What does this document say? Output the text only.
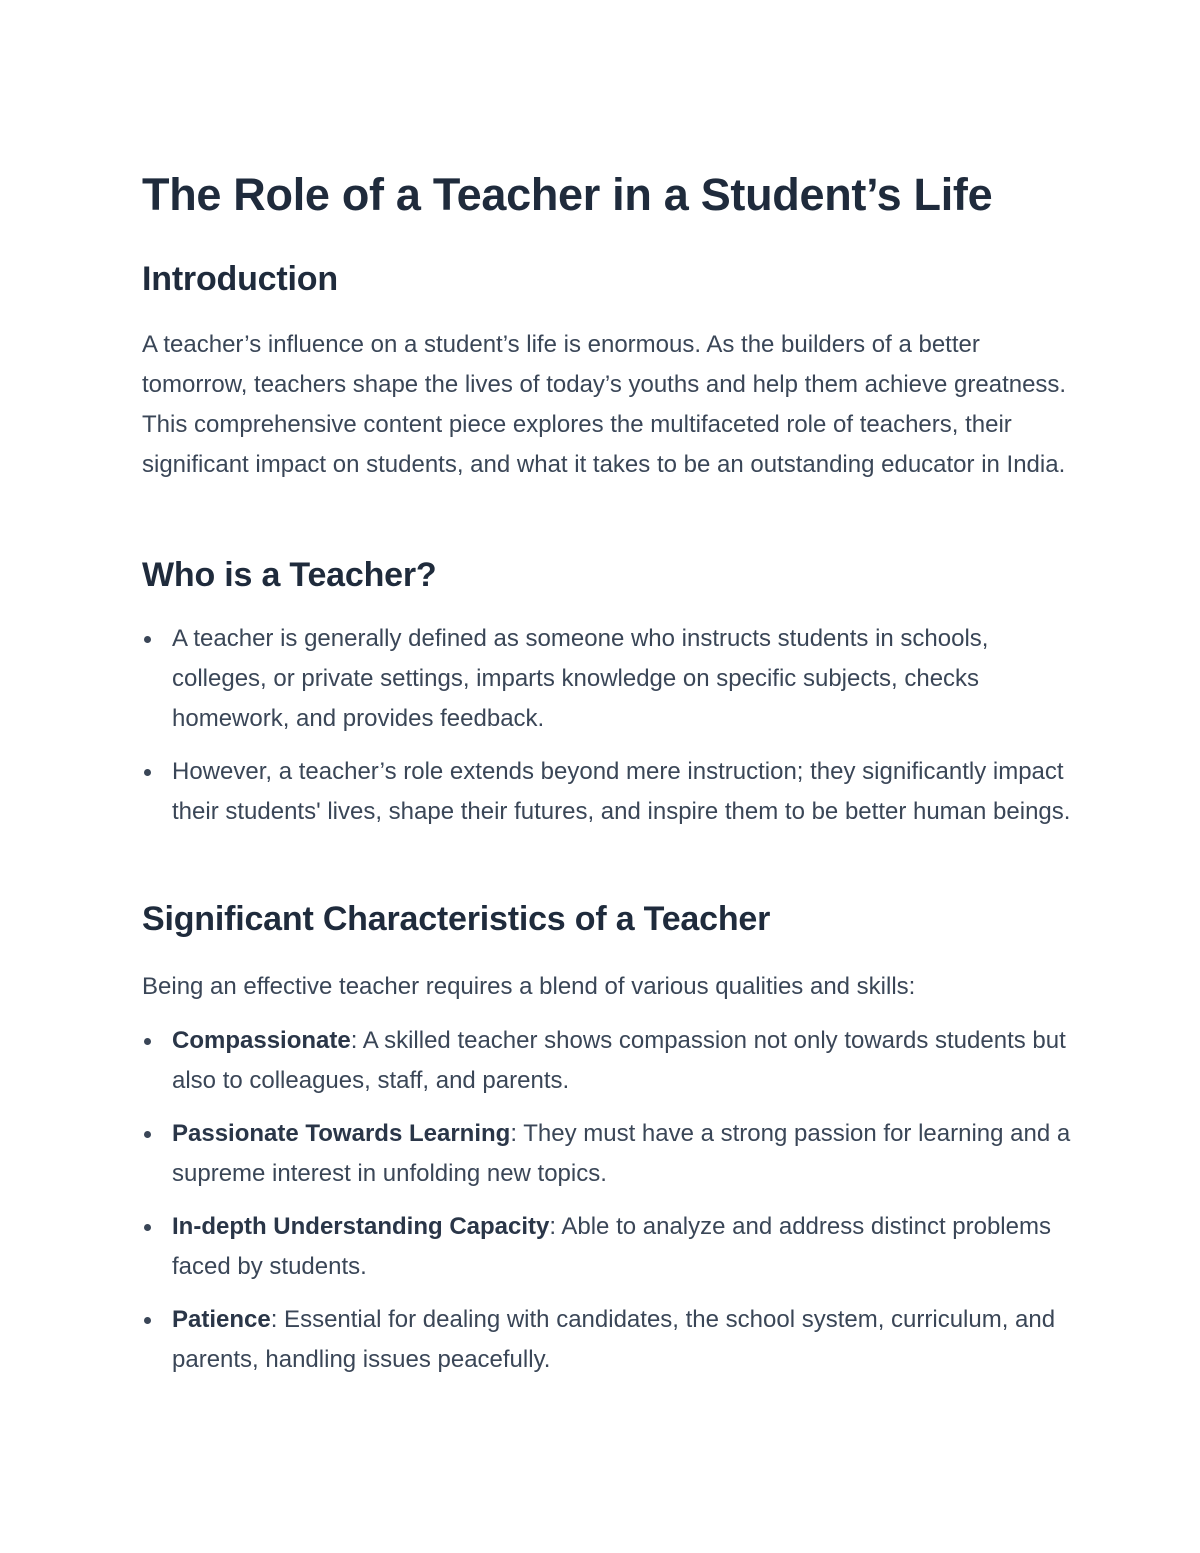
The Role of a Teacher in a Student’s Life
Introduction

A teacher’s influence on a student’s life is enormous. As the builders of a better tomorrow, teachers shape the lives of today’s youths and help them achieve greatness. This comprehensive content piece explores the multifaceted role of teachers, their significant impact on students, and what it takes to be an outstanding educator in India.

Who is a Teacher?
A teacher is generally defined as someone who instructs students in schools, colleges, or private settings, imparts knowledge on specific subjects, checks homework, and provides feedback.
However, a teacher’s role extends beyond mere instruction; they significantly impact their students' lives, shape their futures, and inspire them to be better human beings.
Significant Characteristics of a Teacher

Being an effective teacher requires a blend of various qualities and skills:

Compassionate: A skilled teacher shows compassion not only towards students but also to colleagues, staff, and parents.
Passionate Towards Learning: They must have a strong passion for learning and a supreme interest in unfolding new topics.
In-depth Understanding Capacity: Able to analyze and address distinct problems faced by students.
Patience: Essential for dealing with candidates, the school system, curriculum, and parents, handling issues peacefully.
